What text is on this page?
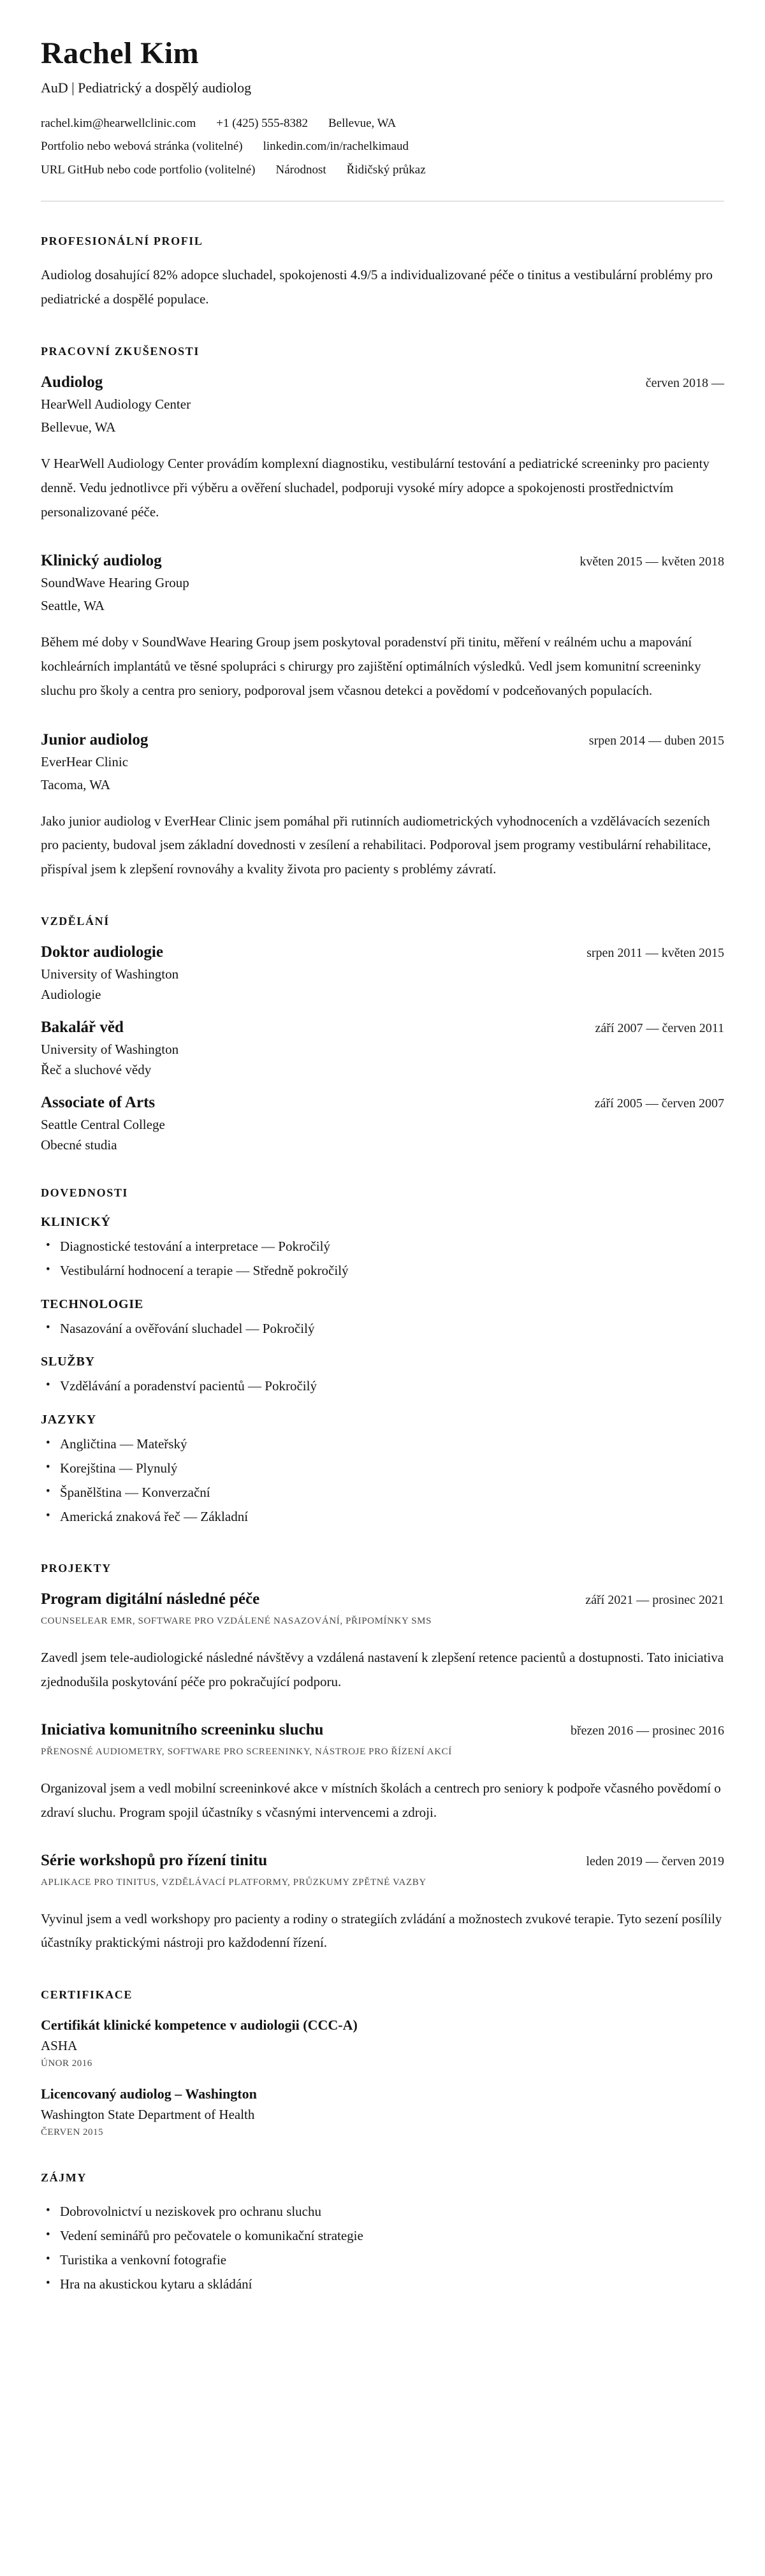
Rachel Kim
AuD | Pediatrický a dospělý audiolog
rachel.kim@hearwellclinic.com +1 (425) 555-8382 Bellevue, WA
Portfolio nebo webová stránka (volitelné) linkedin.com/in/rachelkimaud
URL GitHub nebo code portfolio (volitelné) Národnost Řidičský průkaz
PROFESIONÁLNÍ PROFIL

Audiolog dosahující 82% adopce sluchadel, spokojenosti 4.9/5 a individualizované péče o tinitus a vestibulární problémy pro pediatrické a dospělé populace.

PRACOVNÍ ZKUŠENOSTI
Audiolog	červen 2018 —
HearWell Audiology Center
Bellevue, WA

V HearWell Audiology Center provádím komplexní diagnostiku, vestibulární testování a pediatrické screeninky pro pacienty denně. Vedu jednotlivce při výběru a ověření sluchadel, podporuji vysoké míry adopce a spokojenosti prostřednictvím personalizované péče.

Klinický audiolog	květen 2015 — květen 2018
SoundWave Hearing Group
Seattle, WA

Během mé doby v SoundWave Hearing Group jsem poskytoval poradenství při tinitu, měření v reálném uchu a mapování kochleárních implantátů ve těsné spolupráci s chirurgy pro zajištění optimálních výsledků. Vedl jsem komunitní screeninky sluchu pro školy a centra pro seniory, podporoval jsem včasnou detekci a povědomí v podceňovaných populacích.

Junior audiolog	srpen 2014 — duben 2015
EverHear Clinic
Tacoma, WA

Jako junior audiolog v EverHear Clinic jsem pomáhal při rutinních audiometrických vyhodnoceních a vzdělávacích sezeních pro pacienty, budoval jsem základní dovednosti v zesílení a rehabilitaci. Podporoval jsem programy vestibulární rehabilitace, přispíval jsem k zlepšení rovnováhy a kvality života pro pacienty s problémy závratí.

VZDĚLÁNÍ
Doktor audiologie	srpen 2011 — květen 2015
University of Washington
Audiologie
Bakalář věd	září 2007 — červen 2011
University of Washington
Řeč a sluchové vědy
Associate of Arts	září 2005 — červen 2007
Seattle Central College
Obecné studia
DOVEDNOSTI
KLINICKÝ
• Diagnostické testování a interpretace — Pokročilý
• Vestibulární hodnocení a terapie — Středně pokročilý
TECHNOLOGIE
• Nasazování a ověřování sluchadel — Pokročilý
SLUŽBY
• Vzdělávání a poradenství pacientů — Pokročilý
JAZYKY
• Angličtina — Mateřský
• Korejština — Plynulý
• Španělština — Konverzační
• Americká znaková řeč — Základní
PROJEKTY
Program digitální následné péče	září 2021 — prosinec 2021
COUNSELEAR EMR, SOFTWARE PRO VZDÁLENÉ NASAZOVÁNÍ, PŘIPOMÍNKY SMS

Zavedl jsem tele-audiologické následné návštěvy a vzdálená nastavení k zlepšení retence pacientů a dostupnosti. Tato iniciativa zjednodušila poskytování péče pro pokračující podporu.

Iniciativa komunitního screeninku sluchu	březen 2016 — prosinec 2016
PŘENOSNÉ AUDIOMETRY, SOFTWARE PRO SCREENINKY, NÁSTROJE PRO ŘÍZENÍ AKCÍ

Organizoval jsem a vedl mobilní screeninkové akce v místních školách a centrech pro seniory k podpoře včasného povědomí o zdraví sluchu. Program spojil účastníky s včasnými intervencemi a zdroji.

Série workshopů pro řízení tinitu	leden 2019 — červen 2019
APLIKACE PRO TINITUS, VZDĚLÁVACÍ PLATFORMY, PRŮZKUMY ZPĚTNÉ VAZBY

Vyvinul jsem a vedl workshopy pro pacienty a rodiny o strategiích zvládání a možnostech zvukové terapie. Tyto sezení posílily účastníky praktickými nástroji pro každodenní řízení.

CERTIFIKACE
Certifikát klinické kompetence v audiologii (CCC-A)
ASHA
ÚNOR 2016
Licencovaný audiolog – Washington
Washington State Department of Health
ČERVEN 2015
ZÁJMY
• Dobrovolnictví u neziskovek pro ochranu sluchu
• Vedení seminářů pro pečovatele o komunikační strategie
• Turistika a venkovní fotografie
• Hra na akustickou kytaru a skládání
